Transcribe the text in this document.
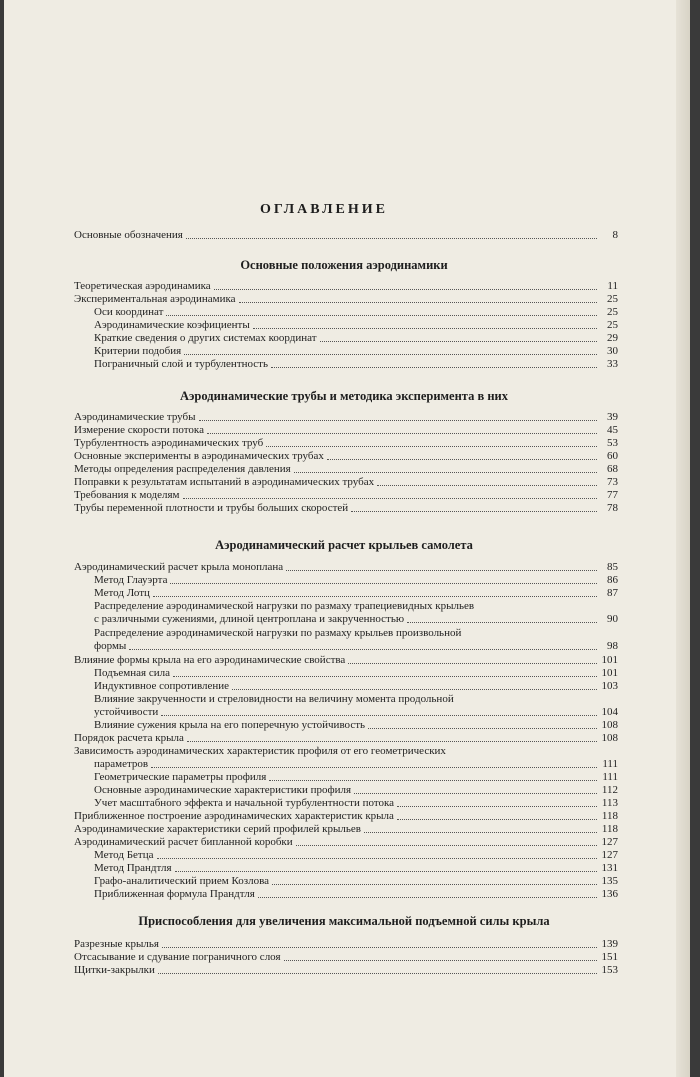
ОГЛАВЛЕНИЕ
Основные обозначения	8
Основные положения аэродинамики
Теоретическая аэродинамика	11
Экспериментальная аэродинамика	25
Оси координат	25
Аэродинамические коэфициенты	25
Краткие сведения о других системах координат	29
Критерии подобия	30
Пограничный слой и турбулентность	33
Аэродинамические трубы и методика эксперимента в них
Аэродинамические трубы	39
Измерение скорости потока	45
Турбулентность аэродинамических труб	53
Основные эксперименты в аэродинамических трубах	60
Методы определения распределения давления	68
Поправки к результатам испытаний в аэродинамических трубах	73
Требования к моделям	77
Трубы переменной плотности и трубы больших скоростей	78
Аэродинамический расчет крыльев самолета
Аэродинамический расчет крыла моноплана	85
Метод Глауэрта	86
Метод Лотц	87
Распределение аэродинамической нагрузки по размаху трапециевидных крыльев
с различными сужениями, длиной центроплана и закрученностью	90
Распределение аэродинамической нагрузки по размаху крыльев произвольной
формы	98
Влияние формы крыла на его аэродинамические свойства	101
Подъемная сила	101
Индуктивное сопротивление	103
Влияние закрученности и стреловидности на величину момента продольной
устойчивости	104
Влияние сужения крыла на его поперечную устойчивость	108
Порядок расчета крыла	108
Зависимость аэродинамических характеристик профиля от его геометрических
параметров	111
Геометрические параметры профиля	111
Основные аэродинамические характеристики профиля	112
Учет масштабного эффекта и начальной турбулентности потока	113
Приближенное построение аэродинамических характеристик крыла	118
Аэродинамические характеристики серий профилей крыльев	118
Аэродинамический расчет бипланной коробки	127
Метод Бетца	127
Метод Прандтля	131
Графо-аналитический прием Козлова	135
Приближенная формула Прандтля	136
Приспособления для увеличения максимальной подъемной силы крыла
Разрезные крылья	139
Отсасывание и сдувание пограничного слоя	151
Щитки-закрылки	153
